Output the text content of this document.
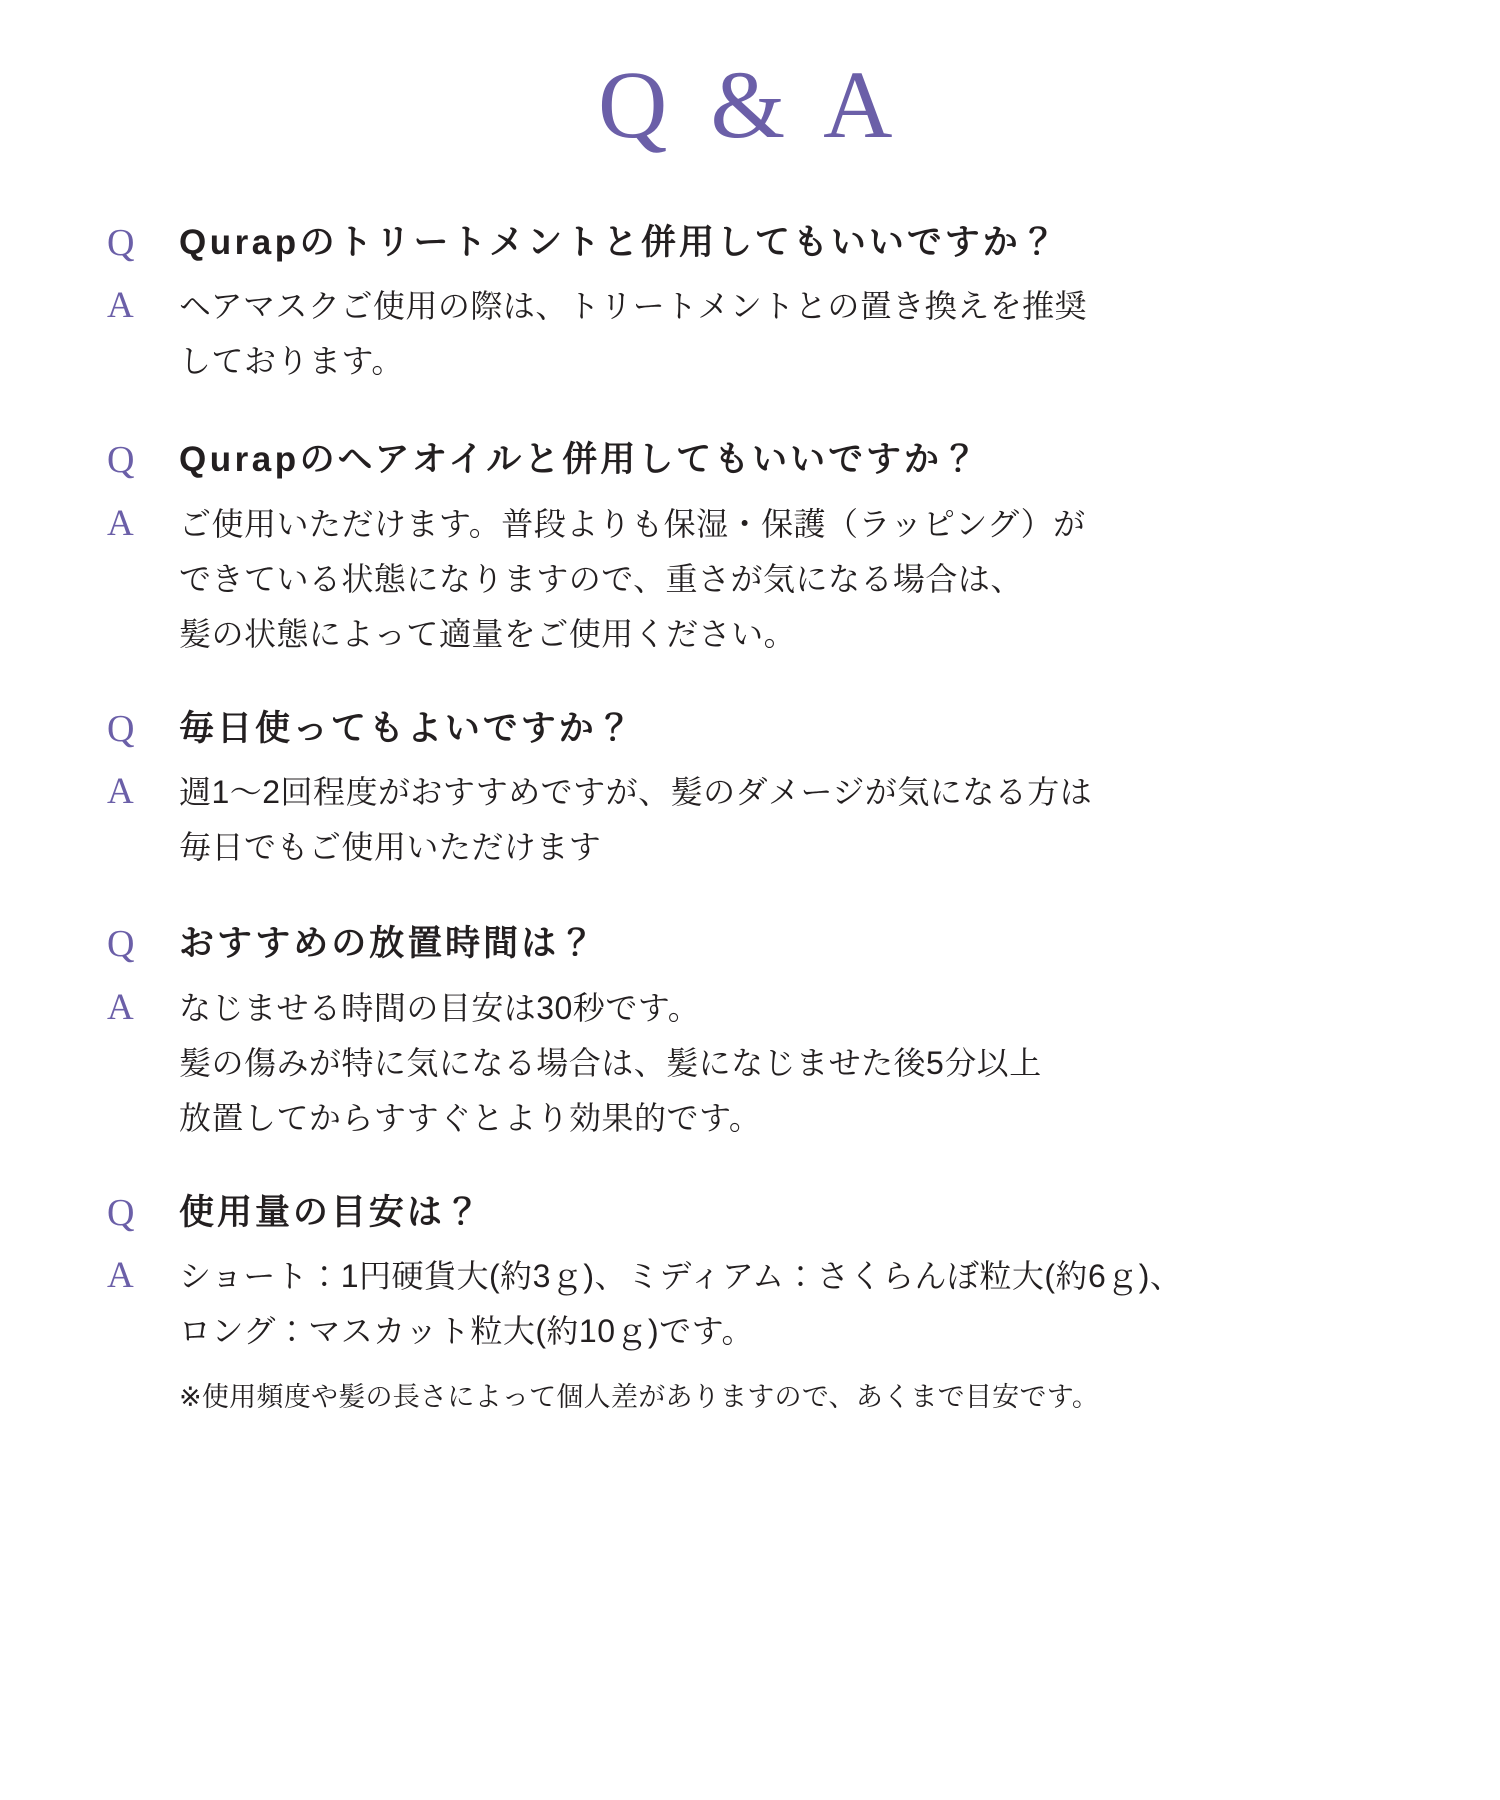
Q & A
Q	Qurapのトリートメントと併用してもいいですか？
A	ヘアマスクご使用の際は、トリートメントとの置き換えを推奨
しております。
Q	Qurapのヘアオイルと併用してもいいですか？
A	ご使用いただけます。普段よりも保湿・保護（ラッピング）が
できている状態になりますので、重さが気になる場合は、
髪の状態によって適量をご使用ください。
Q	毎日使ってもよいですか？
A	週1〜2回程度がおすすめですが、髪のダメージが気になる方は
毎日でもご使用いただけます
Q	おすすめの放置時間は？
A	なじませる時間の目安は30秒です。
髪の傷みが特に気になる場合は、髪になじませた後5分以上
放置してからすすぐとより効果的です。
Q	使用量の目安は？
A	ショート：1円硬貨大(約3ｇ)、ミディアム：さくらんぼ粒大(約6ｇ)、
ロング：マスカット粒大(約10ｇ)です。
※使用頻度や髪の長さによって個人差がありますので、あくまで目安です。
